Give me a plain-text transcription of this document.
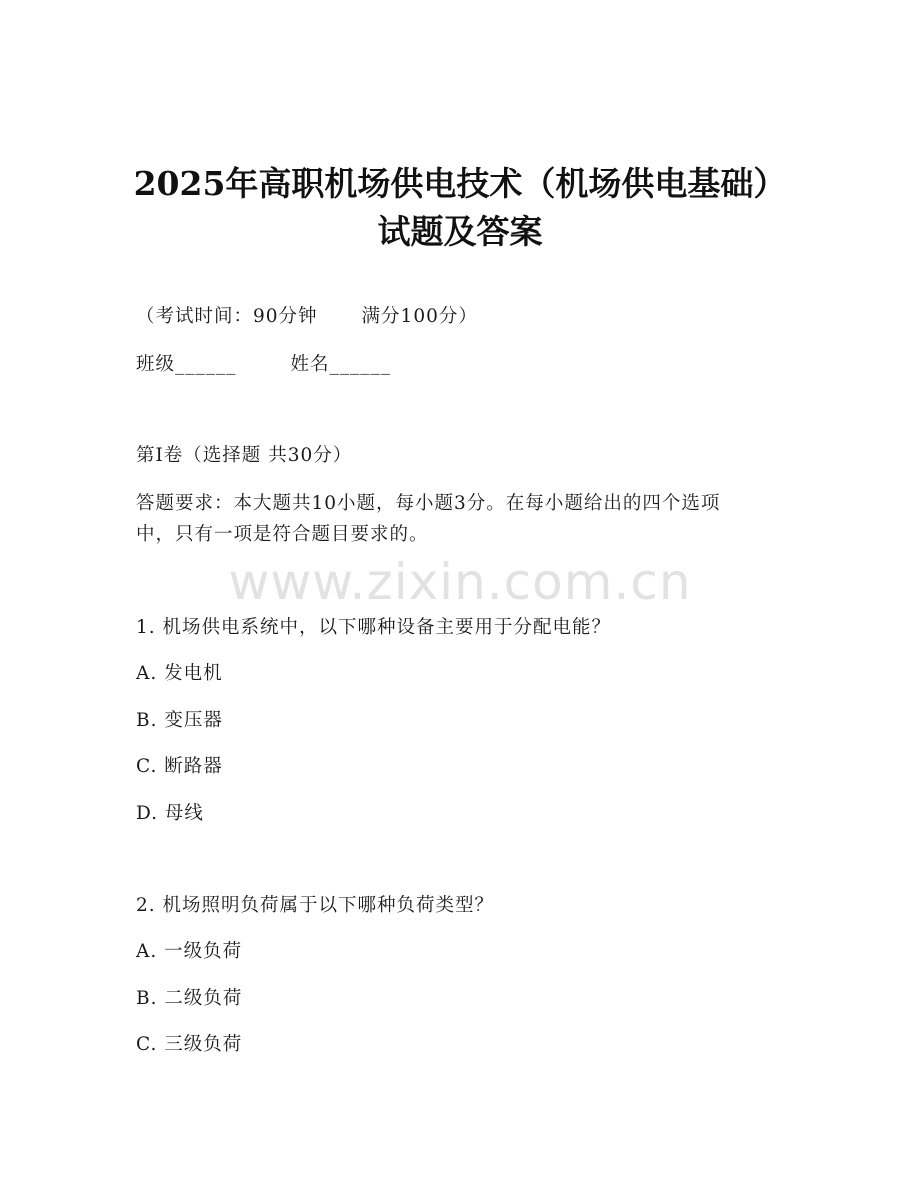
2025年高职机场供电技术（机场供电基础）
试题及答案
（考试时间：90分钟 满分100分）
班级______	姓名______
第I卷（选择题 共30分）
答题要求：本大题共10小题，每小题3分。在每小题给出的四个选项
中，只有一项是符合题目要求的。
www.zixin.com.cn
1. 机场供电系统中，以下哪种设备主要用于分配电能？
A. 发电机
B. 变压器
C. 断路器
D. 母线
2. 机场照明负荷属于以下哪种负荷类型？
A. 一级负荷
B. 二级负荷
C. 三级负荷
